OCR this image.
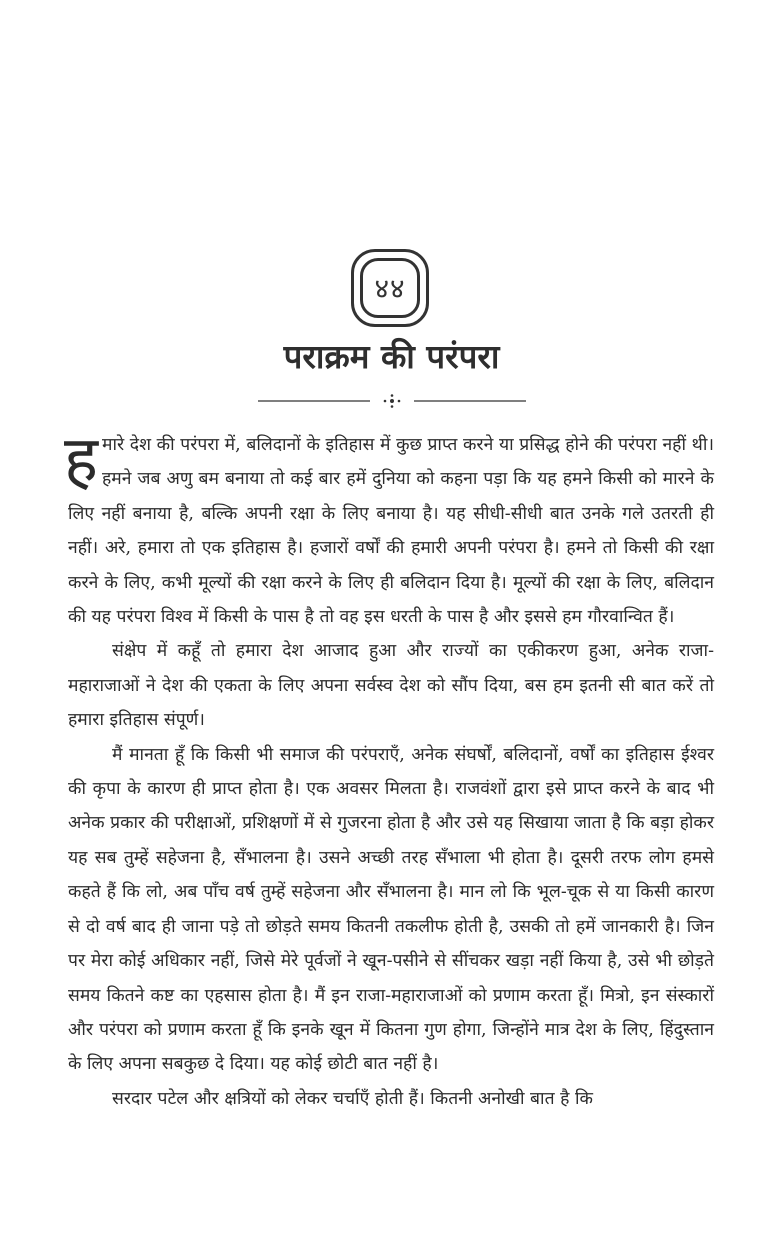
४४
पराक्रम की परंपरा

हमारे देश की परंपरा में, बलिदानों के इतिहास में कुछ प्राप्त करने या प्रसिद्ध होने की परंपरा नहीं थी। हमने जब अणु बम बनाया तो कई बार हमें दुनिया को कहना पड़ा कि यह हमने किसी को मारने के लिए नहीं बनाया है, बल्कि अपनी रक्षा के लिए बनाया है। यह सीधी-सीधी बात उनके गले उतरती ही नहीं। अरे, हमारा तो एक इतिहास है। हजारों वर्षों की हमारी अपनी परंपरा है। हमने तो किसी की रक्षा करने के लिए, कभी मूल्यों की रक्षा करने के लिए ही बलिदान दिया है। मूल्यों की रक्षा के लिए, बलिदान की यह परंपरा विश्व में किसी के पास है तो वह इस धरती के पास है और इससे हम गौरवान्वित हैं।

संक्षेप में कहूँ तो हमारा देश आजाद हुआ और राज्यों का एकीकरण हुआ, अनेक राजा-महाराजाओं ने देश की एकता के लिए अपना सर्वस्व देश को सौंप दिया, बस हम इतनी सी बात करें तो हमारा इतिहास संपूर्ण।

मैं मानता हूँ कि किसी भी समाज की परंपराएँ, अनेक संघर्षों, बलिदानों, वर्षों का इतिहास ईश्वर की कृपा के कारण ही प्राप्त होता है। एक अवसर मिलता है। राजवंशों द्वारा इसे प्राप्त करने के बाद भी अनेक प्रकार की परीक्षाओं, प्रशिक्षणों में से गुजरना होता है और उसे यह सिखाया जाता है कि बड़ा होकर यह सब तुम्हें सहेजना है, सँभालना है। उसने अच्छी तरह सँभाला भी होता है। दूसरी तरफ लोग हमसे कहते हैं कि लो, अब पाँच वर्ष तुम्हें सहेजना और सँभालना है। मान लो कि भूल-चूक से या किसी कारण से दो वर्ष बाद ही जाना पड़े तो छोड़ते समय कितनी तकलीफ होती है, उसकी तो हमें जानकारी है। जिन पर मेरा कोई अधिकार नहीं, जिसे मेरे पूर्वजों ने खून-पसीने से सींचकर खड़ा नहीं किया है, उसे भी छोड़ते समय कितने कष्ट का एहसास होता है। मैं इन राजा-महाराजाओं को प्रणाम करता हूँ। मित्रो, इन संस्कारों और परंपरा को प्रणाम करता हूँ कि इनके खून में कितना गुण होगा, जिन्होंने मात्र देश के लिए, हिंदुस्तान के लिए अपना सबकुछ दे दिया। यह कोई छोटी बात नहीं है।

सरदार पटेल और क्षत्रियों को लेकर चर्चाएँ होती हैं। कितनी अनोखी बात है कि
